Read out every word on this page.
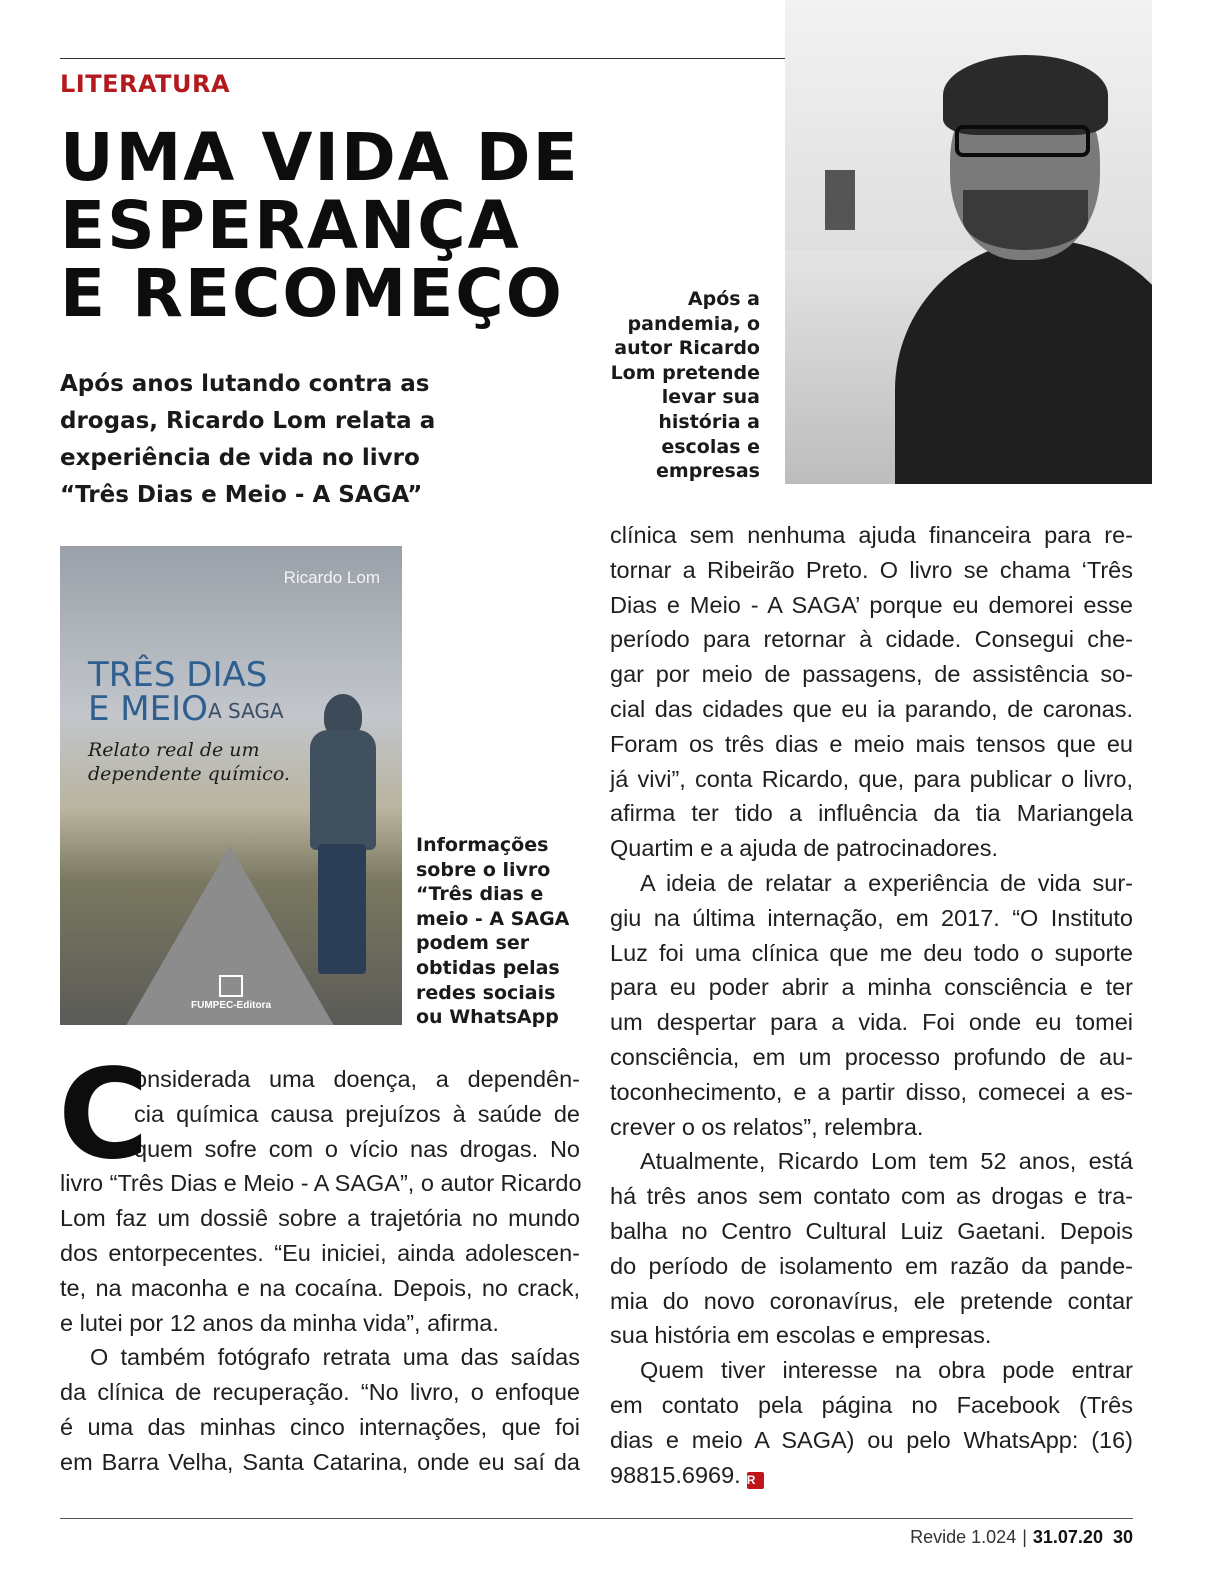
LITERATURA
UMA VIDA DE
ESPERANÇA
E RECOMEÇO

Após anos lutando contra as
drogas, Ricardo Lom relata a
experiência de vida no livro
“Três Dias e Meio - A SAGA”

Após a
pandemia, o
autor Ricardo
Lom pretende
levar sua
história a
escolas e
empresas

Ricardo Lom
TRÊS DIAS
E MEIO A SAGA
Relato real de um
dependente químico.
FUMPEC-Editora

Informações
sobre o livro
“Três dias e
meio - A SAGA
podem ser
obtidas pelas
redes sociais
ou WhatsApp

C
onsiderada uma doença, a dependên-
cia química causa prejuízos à saúde de
quem sofre com o vício nas drogas. No
livro “Três Dias e Meio - A SAGA”, o autor Ricardo
Lom faz um dossiê sobre a trajetória no mundo
dos entorpecentes. “Eu iniciei, ainda adolescen-
te, na maconha e na cocaína. Depois, no crack,
e lutei por 12 anos da minha vida”, afirma.
O também fotógrafo retrata uma das saídas
da clínica de recuperação. “No livro, o enfoque
é uma das minhas cinco internações, que foi
em Barra Velha, Santa Catarina, onde eu saí da
clínica sem nenhuma ajuda financeira para re-
tornar a Ribeirão Preto. O livro se chama ‘Três
Dias e Meio - A SAGA’ porque eu demorei esse
período para retornar à cidade. Consegui che-
gar por meio de passagens, de assistência so-
cial das cidades que eu ia parando, de caronas.
Foram os três dias e meio mais tensos que eu
já vivi”, conta Ricardo, que, para publicar o livro,
afirma ter tido a influência da tia Mariangela
Quartim e a ajuda de patrocinadores.
A ideia de relatar a experiência de vida sur-
giu na última internação, em 2017. “O Instituto
Luz foi uma clínica que me deu todo o suporte
para eu poder abrir a minha consciência e ter
um despertar para a vida. Foi onde eu tomei
consciência, em um processo profundo de au-
toconhecimento, e a partir disso, comecei a es-
crever o os relatos”, relembra.
Atualmente, Ricardo Lom tem 52 anos, está
há três anos sem contato com as drogas e tra-
balha no Centro Cultural Luiz Gaetani. Depois
do período de isolamento em razão da pande-
mia do novo coronavírus, ele pretende contar
sua história em escolas e empresas.
Quem tiver interesse na obra pode entrar
em contato pela página no Facebook (Três
dias e meio A SAGA) ou pelo WhatsApp: (16)
98815.6969. R
Revide 1.024 | 31.07.20 30
